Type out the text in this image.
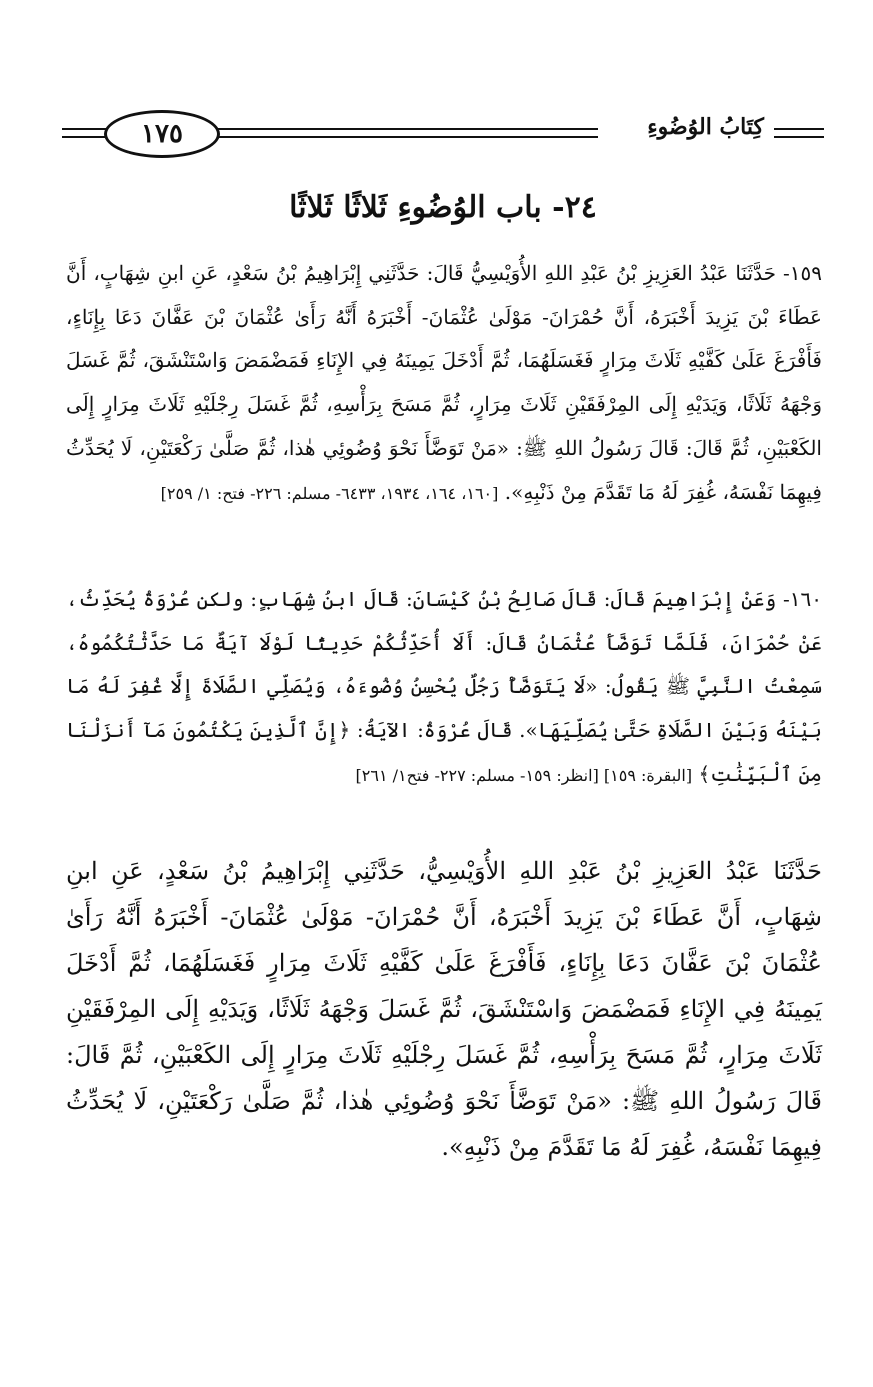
١٧٥	كِتَابُ الوُضُوءِ
٢٤- باب الوُضُوءِ ثَلاثًا ثَلاثًا
١٥٩- حَدَّثَنَا عَبْدُ العَزِيزِ بْنُ عَبْدِ اللهِ الأُوَيْسِيُّ قَالَ: حَدَّثَنِي إِبْرَاهِيمُ بْنُ سَعْدٍ، عَنِ ابنِ شِهَابٍ، أَنَّ عَطَاءَ بْنَ يَزِيدَ أَخْبَرَهُ، أَنَّ حُمْرَانَ- مَوْلَىٰ عُثْمَانَ- أَخْبَرَهُ أَنَّهُ رَأَىٰ عُثْمَانَ بْنَ عَفَّانَ دَعَا بِإِنَاءٍ، فَأَفْرَغَ عَلَىٰ كَفَّيْهِ ثَلَاثَ مِرَارٍ فَغَسَلَهُمَا، ثُمَّ أَدْخَلَ يَمِينَهُ فِي الإِنَاءِ فَمَضْمَضَ وَاسْتَنْشَقَ، ثُمَّ غَسَلَ وَجْهَهُ ثَلَاثًا، وَيَدَيْهِ إِلَى المِرْفَقَيْنِ ثَلَاثَ مِرَارٍ، ثُمَّ مَسَحَ بِرَأْسِهِ، ثُمَّ غَسَلَ رِجْلَيْهِ ثَلَاثَ مِرَارٍ إِلَى الكَعْبَيْنِ، ثُمَّ قَالَ: قَالَ رَسُولُ اللهِ ﷺ: «مَنْ تَوَضَّأَ نَحْوَ وُضُوئِي هٰذا، ثُمَّ صَلَّىٰ رَكْعَتَيْنِ، لَا يُحَدِّثُ فِيهِمَا نَفْسَهُ، غُفِرَ لَهُ مَا تَقَدَّمَ مِنْ ذَنْبِهِ». [١٦٠، ١٦٤، ١٩٣٤، ٦٤٣٣- مسلم: ٢٢٦- فتح: ١/ ٢٥٩]
١٦٠- وَعَنْ إِبْرَاهِيمَ قَالَ: قَالَ صَالِحُ بْنُ كَيْسَانَ: قَالَ ابنُ شِهَابٍ: ولكن عُرْوَةُ يُحَدِّثُ، عَنْ حُمْرَانَ، فَلَمَّا تَوَضَّأَ عُثْمَانُ قَالَ: أَلَا أُحَدِّثُكُمْ حَدِيثًا لَوْلَا آيَةٌ مَا حَدَّثْتُكُمُوهُ، سَمِعْتُ النَّبِيَّ ﷺ يَقُولُ: «لَا يَتَوَضَّأُ رَجُلٌ يُحْسِنُ وُضُوءَهُ، وَيُصَلِّي الصَّلَاةَ إِلَّا غُفِرَ لَهُ مَا بَيْنَهُ وَبَيْنَ الصَّلَاةِ حَتَّىٰ يُصَلِّيَهَا». قَالَ عُرْوَةُ: الآيَةُ: ﴿إِنَّ ٱلَّذِينَ يَكْتُمُونَ مَآ أَنزَلْنَا مِنَ ٱلْبَيِّنَٰتِ﴾ [البقرة: ١٥٩] [انظر: ١٥٩- مسلم: ٢٢٧- فتح١/ ٢٦١]
حَدَّثَنَا عَبْدُ العَزِيزِ بْنُ عَبْدِ اللهِ الأُوَيْسِيُّ، حَدَّثَنِي إِبْرَاهِيمُ بْنُ سَعْدٍ، عَنِ ابنِ شِهَابٍ، أَنَّ عَطَاءَ بْنَ يَزِيدَ أَخْبَرَهُ، أَنَّ حُمْرَانَ- مَوْلَىٰ عُثْمَانَ- أَخْبَرَهُ أَنَّهُ رَأَىٰ عُثْمَانَ بْنَ عَفَّانَ دَعَا بِإِنَاءٍ، فَأَفْرَغَ عَلَىٰ كَفَّيْهِ ثَلَاثَ مِرَارٍ فَغَسَلَهُمَا، ثُمَّ أَدْخَلَ يَمِينَهُ فِي الإِنَاءِ فَمَضْمَضَ وَاسْتَنْشَقَ، ثُمَّ غَسَلَ وَجْهَهُ ثَلَاثًا، وَيَدَيْهِ إِلَى المِرْفَقَيْنِ ثَلَاثَ مِرَارٍ، ثُمَّ مَسَحَ بِرَأْسِهِ، ثُمَّ غَسَلَ رِجْلَيْهِ ثَلَاثَ مِرَارٍ إِلَى الكَعْبَيْنِ، ثُمَّ قَالَ: قَالَ رَسُولُ اللهِ ﷺ: «مَنْ تَوَضَّأَ نَحْوَ وُضُوئِي هٰذا، ثُمَّ صَلَّىٰ رَكْعَتَيْنِ، لَا يُحَدِّثُ فِيهِمَا نَفْسَهُ، غُفِرَ لَهُ مَا تَقَدَّمَ مِنْ ذَنْبِهِ».
